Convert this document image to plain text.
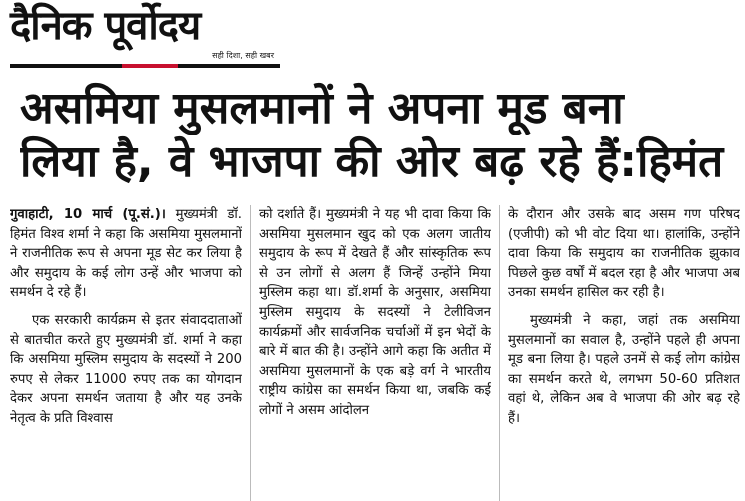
दैनिक पूर्वोदय
सही दिशा, सही खबर
असमिया मुसलमानों ने अपना मूड बना
लिया है, वे भाजपा की ओर बढ़ रहे हैं:हिमंत

गुवाहाटी, 10 मार्च (पू.सं.)। मुख्यमंत्री डॉ. हिमंत विश्व शर्मा ने कहा कि असमिया मुसलमानों ने राजनीतिक रूप से अपना मूड सेट कर लिया है और समुदाय के कई लोग उन्हें और भाजपा को समर्थन दे रहे हैं।

एक सरकारी कार्यक्रम से इतर संवाददाताओं से बातचीत करते हुए मुख्यमंत्री डॉ. शर्मा ने कहा कि असमिया मुस्लिम समुदाय के सदस्यों ने 200 रुपए से लेकर 11000 रुपए तक का योगदान देकर अपना समर्थन जताया है और यह उनके नेतृत्व के प्रति विश्वास

को दर्शाते हैं। मुख्यमंत्री ने यह भी दावा किया कि असमिया मुसलमान खुद को एक अलग जातीय समुदाय के रूप में देखते हैं और सांस्कृतिक रूप से उन लोगों से अलग हैं जिन्हें उन्होंने मिया मुस्लिम कहा था। डॉ.शर्मा के अनुसार, असमिया मुस्लिम समुदाय के सदस्यों ने टेलीविजन कार्यक्रमों और सार्वजनिक चर्चाओं में इन भेदों के बारे में बात की है। उन्होंने आगे कहा कि अतीत में असमिया मुसलमानों के एक बड़े वर्ग ने भारतीय राष्ट्रीय कांग्रेस का समर्थन किया था, जबकि कई लोगों ने असम आंदोलन

के दौरान और उसके बाद असम गण परिषद (एजीपी) को भी वोट दिया था। हालांकि, उन्होंने दावा किया कि समुदाय का राजनीतिक झुकाव पिछले कुछ वर्षों में बदल रहा है और भाजपा अब उनका समर्थन हासिल कर रही है।

मुख्यमंत्री ने कहा, जहां तक असमिया मुसलमानों का सवाल है, उन्होंने पहले ही अपना मूड बना लिया है। पहले उनमें से कई लोग कांग्रेस का समर्थन करते थे, लगभग 50-60 प्रतिशत वहां थे, लेकिन अब वे भाजपा की ओर बढ़ रहे हैं।
